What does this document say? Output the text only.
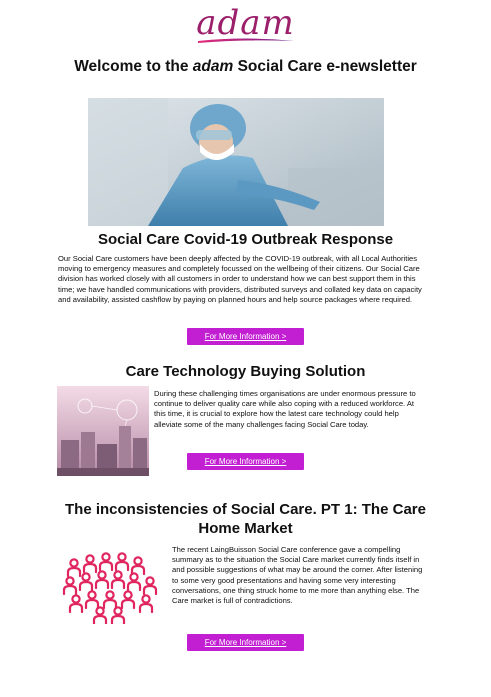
adam
Welcome to the adam Social Care e-newsletter
Social Care Covid-19 Outbreak Response
Our Social Care customers have been deeply affected by the COVID-19 outbreak, with all Local Authorities moving to emergency measures and completely focussed on the wellbeing of their citizens. Our Social Care division has worked closely with all customers in order to understand how we can best support them in this time; we have handled communications with providers, distributed surveys and collated key data on capacity and availability, assisted cashflow by paying on planned hours and help source packages where required.
For More Information >
Care Technology Buying Solution
During these challenging times organisations are under enormous pressure to continue to deliver quality care while also coping with a reduced workforce. At this time, it is crucial to explore how the latest care technology could help alleviate some of the many challenges facing Social Care today.
For More Information >
The inconsistencies of Social Care. PT 1: The Care
Home Market
The recent LaingBuisson Social Care conference gave a compelling summary as to the situation the Social Care market currently finds itself in and possible suggestions of what may be around the corner. After listening to some very good presentations and having some very interesting conversations, one thing struck home to me more than anything else. The Care market is full of contradictions.
For More Information >
